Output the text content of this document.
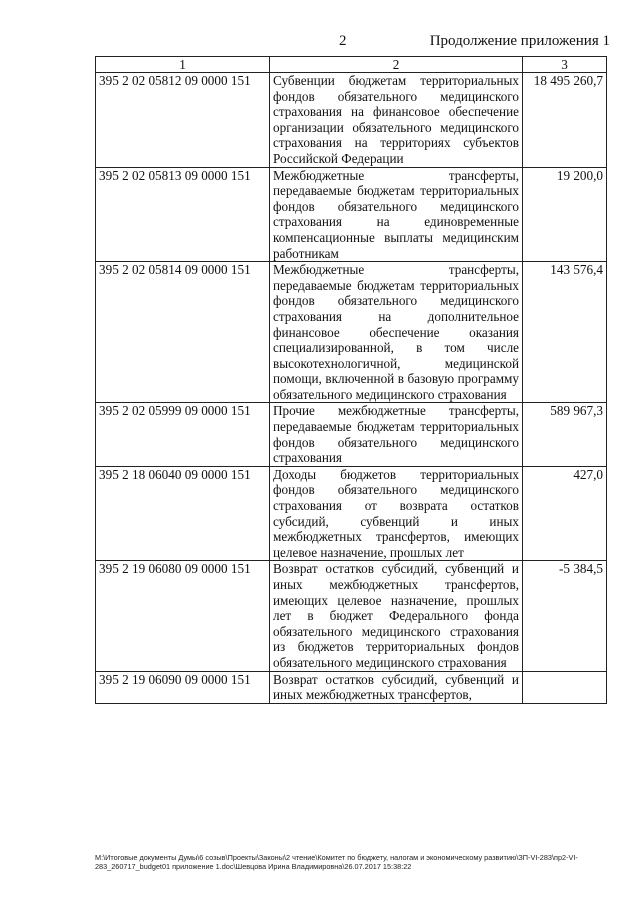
2	Продолжение приложения 1
1	2	3
395 2 02 05812 09 0000 151	Субвенции бюджетам территориальных фондов обязательного медицинского страхования на финансовое обеспечение организации обязательного медицинского страхования на территориях субъектов Российской Федерации	18 495 260,7
395 2 02 05813 09 0000 151	Межбюджетные трансферты, передаваемые бюджетам территориальных фондов обязательного медицинского страхования на единовременные компенсационные выплаты медицинским работникам	19 200,0
395 2 02 05814 09 0000 151	Межбюджетные трансферты, передаваемые бюджетам территориальных фондов обязательного медицинского страхования на дополнительное финансовое обеспечение оказания специализированной, в том числе высокотехнологичной, медицинской помощи, включенной в базовую программу обязательного медицинского страхования	143 576,4
395 2 02 05999 09 0000 151	Прочие межбюджетные трансферты, передаваемые бюджетам территориальных фондов обязательного медицинского страхования	589 967,3
395 2 18 06040 09 0000 151	Доходы бюджетов территориальных фондов обязательного медицинского страхования от возврата остатков субсидий, субвенций и иных межбюджетных трансфертов, имеющих целевое назначение, прошлых лет	427,0
395 2 19 06080 09 0000 151	Возврат остатков субсидий, субвенций и иных межбюджетных трансфертов, имеющих целевое назначение, прошлых лет в бюджет Федерального фонда обязательного медицинского страхования из бюджетов территориальных фондов обязательного медицинского страхования	-5 384,5
395 2 19 06090 09 0000 151	Возврат остатков субсидий, субвенций и иных межбюджетных трансфертов,	
М:\Итоговые документы Думы\6 созыв\Проекты\Законы\2 чтение\Комитет по бюджету, налогам и экономическому развитию\ЗП-VI-283\пр2-VI-283_260717_budget01 приложение 1.doc\Шевцова Ирина Владимировна\26.07.2017 15:38:22
